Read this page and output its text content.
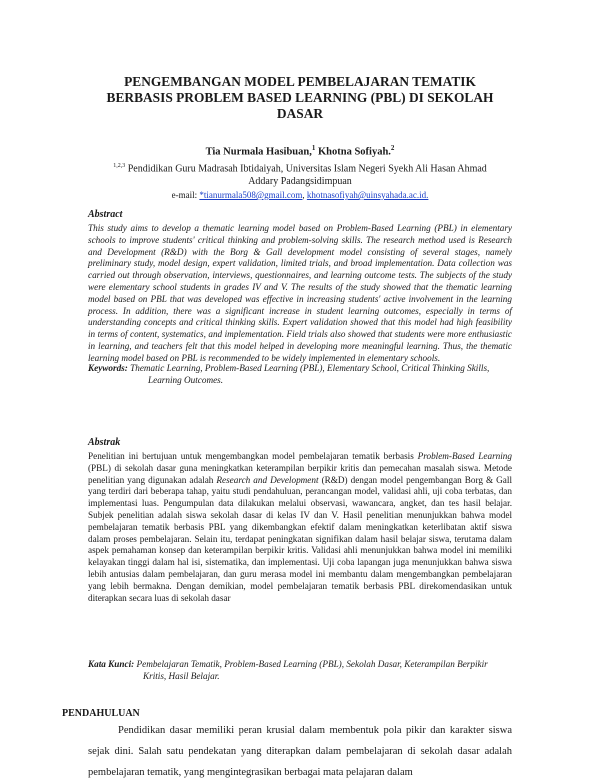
PENGEMBANGAN MODEL PEMBELAJARAN TEMATIK BERBASIS PROBLEM BASED LEARNING (PBL) DI SEKOLAH DASAR
Tia Nurmala Hasibuan,$^1$ Khotna Sofiyah.$^2$
$^{1,2,3}$ Pendidikan Guru Madrasah Ibtidaiyah, Universitas Islam Negeri Syekh Ali Hasan Ahmad Addary Padangsidimpuan
e-mail: *tianurmala508@gmail.com, khotnasofiyah@uinsyahada.ac.id.
Abstract
This study aims to develop a thematic learning model based on Problem-Based Learning (PBL) in elementary schools to improve students' critical thinking and problem-solving skills. The research method used is Research and Development (R&D) with the Borg & Gall development model consisting of several stages, namely preliminary study, model design, expert validation, limited trials, and broad implementation. Data collection was carried out through observation, interviews, questionnaires, and learning outcome tests. The subjects of the study were elementary school students in grades IV and V. The results of the study showed that the thematic learning model based on PBL that was developed was effective in increasing students' active involvement in the learning process. In addition, there was a significant increase in student learning outcomes, especially in terms of understanding concepts and critical thinking skills. Expert validation showed that this model had high feasibility in terms of content, systematics, and implementation. Field trials also showed that students were more enthusiastic in learning, and teachers felt that this model helped in developing more meaningful learning. Thus, the thematic learning model based on PBL is recommended to be widely implemented in elementary schools.
Keywords: Thematic Learning, Problem-Based Learning (PBL), Elementary School, Critical Thinking Skills, Learning Outcomes.
Abstrak
Penelitian ini bertujuan untuk mengembangkan model pembelajaran tematik berbasis Problem-Based Learning (PBL) di sekolah dasar guna meningkatkan keterampilan berpikir kritis dan pemecahan masalah siswa. Metode penelitian yang digunakan adalah Research and Development (R&D) dengan model pengembangan Borg & Gall yang terdiri dari beberapa tahap, yaitu studi pendahuluan, perancangan model, validasi ahli, uji coba terbatas, dan implementasi luas. Pengumpulan data dilakukan melalui observasi, wawancara, angket, dan tes hasil belajar. Subjek penelitian adalah siswa sekolah dasar di kelas IV dan V. Hasil penelitian menunjukkan bahwa model pembelajaran tematik berbasis PBL yang dikembangkan efektif dalam meningkatkan keterlibatan aktif siswa dalam proses pembelajaran. Selain itu, terdapat peningkatan signifikan dalam hasil belajar siswa, terutama dalam aspek pemahaman konsep dan keterampilan berpikir kritis. Validasi ahli menunjukkan bahwa model ini memiliki kelayakan tinggi dalam hal isi, sistematika, dan implementasi. Uji coba lapangan juga menunjukkan bahwa siswa lebih antusias dalam pembelajaran, dan guru merasa model ini membantu dalam mengembangkan pembelajaran yang lebih bermakna. Dengan demikian, model pembelajaran tematik berbasis PBL direkomendasikan untuk diterapkan secara luas di sekolah dasar
Kata Kunci: Pembelajaran Tematik, Problem-Based Learning (PBL), Sekolah Dasar, Keterampilan Berpikir Kritis, Hasil Belajar.
PENDAHULUAN
Pendidikan dasar memiliki peran krusial dalam membentuk pola pikir dan karakter siswa sejak dini. Salah satu pendekatan yang diterapkan dalam pembelajaran di sekolah dasar adalah pembelajaran tematik, yang mengintegrasikan berbagai mata pelajaran dalam
